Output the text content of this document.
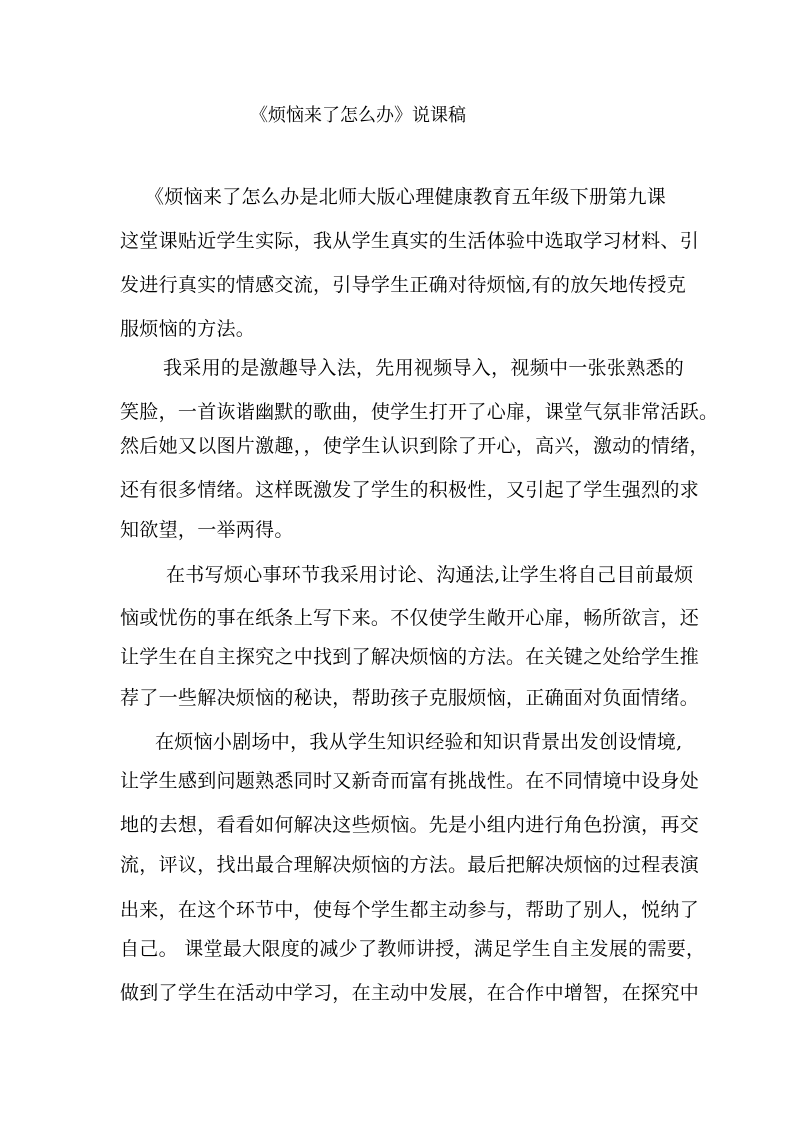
《烦恼来了怎么办》说课稿
《烦恼来了怎么办是北师大版心理健康教育五年级下册第九课
这堂课贴近学生实际，我从学生真实的生活体验中选取学习材料、引
发进行真实的情感交流，引导学生正确对待烦恼,有的放矢地传授克
服烦恼的方法。
我采用的是激趣导入法，先用视频导入，视频中一张张熟悉的
笑脸，一首诙谐幽默的歌曲，使学生打开了心扉，课堂气氛非常活跃。
然后她又以图片激趣，，使学生认识到除了开心，高兴，激动的情绪，
还有很多情绪。这样既激发了学生的积极性，又引起了学生强烈的求
知欲望，一举两得。
在书写烦心事环节我采用讨论、沟通法,让学生将自己目前最烦
恼或忧伤的事在纸条上写下来。不仅使学生敞开心扉，畅所欲言，还
让学生在自主探究之中找到了解决烦恼的方法。在关键之处给学生推
荐了一些解决烦恼的秘诀，帮助孩子克服烦恼，正确面对负面情绪。
在烦恼小剧场中，我从学生知识经验和知识背景出发创设情境,
让学生感到问题熟悉同时又新奇而富有挑战性。在不同情境中设身处
地的去想，看看如何解决这些烦恼。先是小组内进行角色扮演，再交
流，评议，找出最合理解决烦恼的方法。最后把解决烦恼的过程表演
出来，在这个环节中，使每个学生都主动参与，帮助了别人，悦纳了
自己。 课堂最大限度的减少了教师讲授，满足学生自主发展的需要，
做到了学生在活动中学习，在主动中发展，在合作中增智，在探究中
